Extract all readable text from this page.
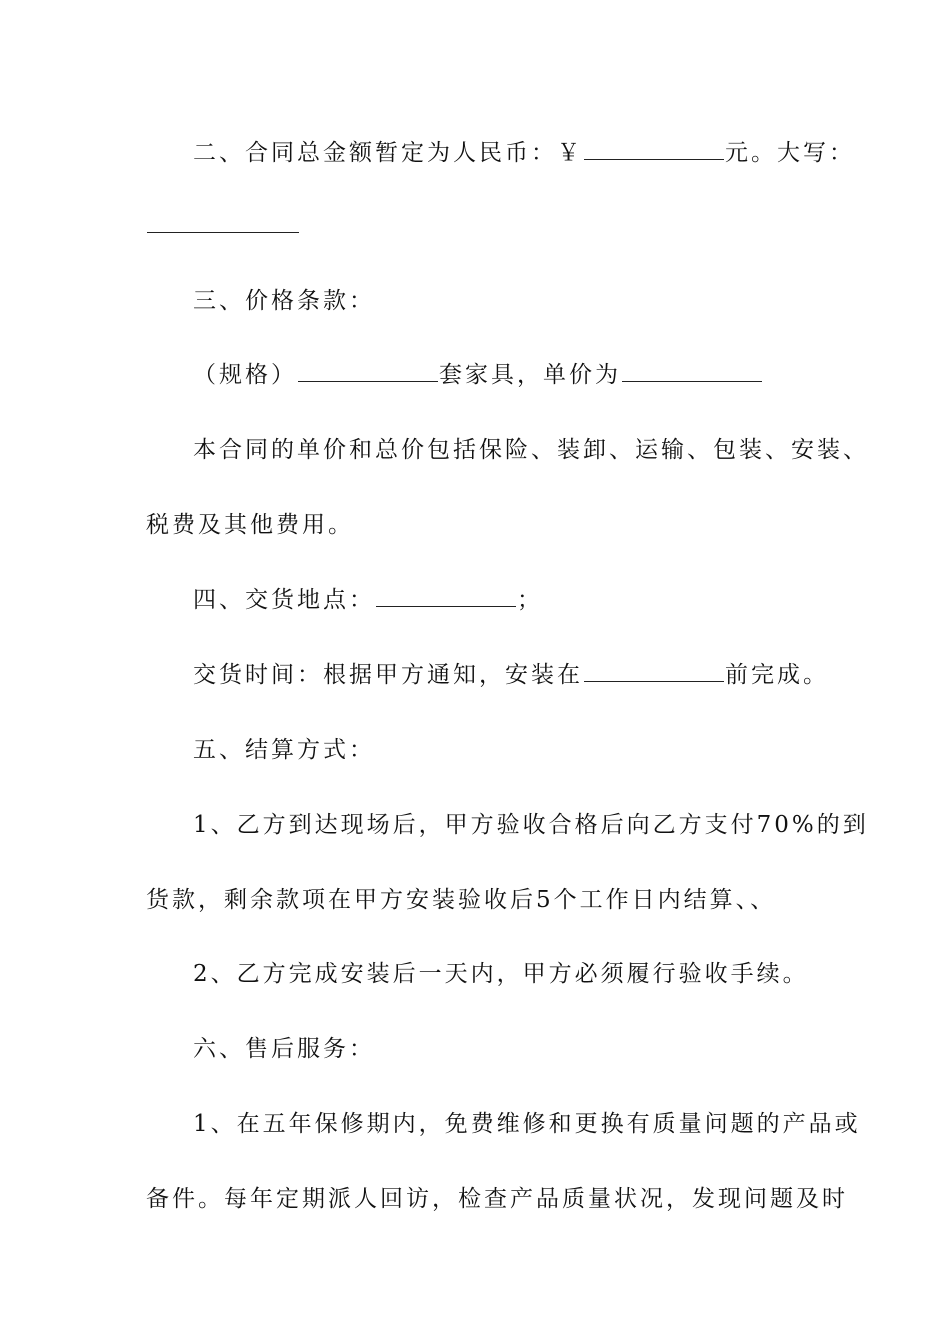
二、合同总金额暂定为人民币：￥	元。大写：
三、价格条款：
（规格）	套家具，单价为
本合同的单价和总价包括保险、装卸、运输、包装、安装、
税费及其他费用。
四、交货地点：	；
交货时间：根据甲方通知，安装在	前完成。
五、结算方式：
1、乙方到达现场后，甲方验收合格后向乙方支付70%的到
货款，剩余款项在甲方安装验收后5个工作日内结算、、
2、乙方完成安装后一天内，甲方必须履行验收手续。
六、售后服务：
1、在五年保修期内，免费维修和更换有质量问题的产品或
备件。每年定期派人回访，检查产品质量状况，发现问题及时
